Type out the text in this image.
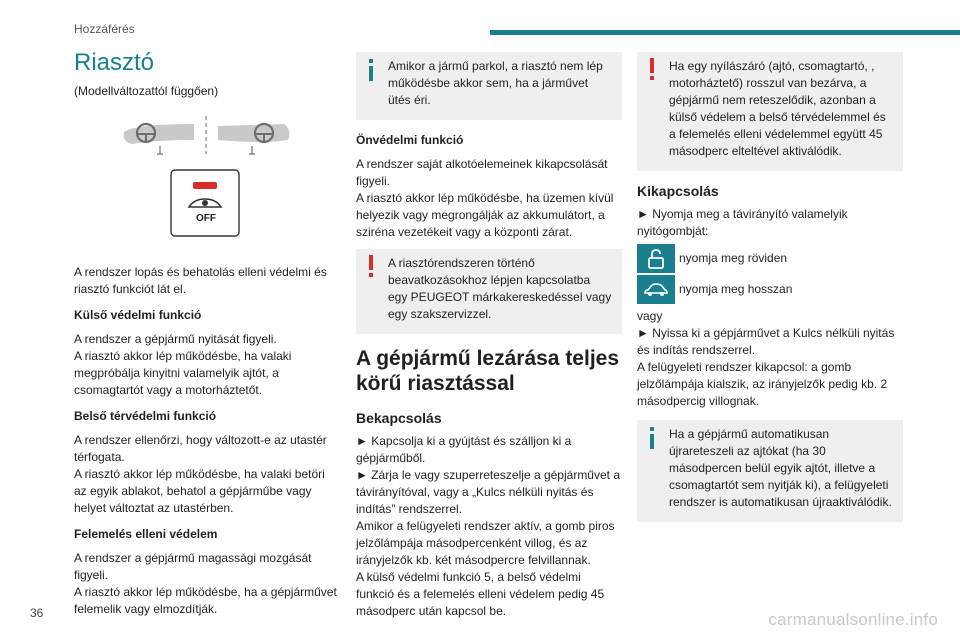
Hozzáférés
Riasztó

(Modellváltozattól függően)

OFF

A rendszer lopás és behatolás elleni védelmi és riasztó funkciót lát el.

Külső védelmi funkció

A rendszer a gépjármű nyitását figyeli.
A riasztó akkor lép működésbe, ha valaki megpróbálja kinyitni valamelyik ajtót, a csomagtartót vagy a motorháztetőt.

Belső térvédelmi funkció

A rendszer ellenőrzi, hogy változott-e az utastér térfogata.
A riasztó akkor lép működésbe, ha valaki betöri az egyik ablakot, behatol a gépjárműbe vagy helyet változtat az utastérben.

Felemelés elleni védelem

A rendszer a gépjármű magassági mozgását figyeli.
A riasztó akkor lép működésbe, ha a gépjárművet felemelik vagy elmozdítják.

Amikor a jármű parkol, a riasztó nem lép működésbe akkor sem, ha a járművet ütés éri.

Önvédelmi funkció

A rendszer saját alkotóelemeinek kikapcsolását figyeli.
A riasztó akkor lép működésbe, ha üzemen kívül helyezik vagy megrongálják az akkumulátort, a sziréna vezetékeit vagy a központi zárat.

A riasztórendszeren történő beavatkozásokhoz lépjen kapcsolatba egy PEUGEOT márkakereskedéssel vagy egy szakszervizzel.

A gépjármű lezárása teljes körű riasztással
Bekapcsolás

► Kapcsolja ki a gyújtást és szálljon ki a gépjárműből.
► Zárja le vagy szuperreteszelje a gépjárművet a távirányítóval, vagy a „Kulcs nélküli nyitás és indítás” rendszerrel.
Amikor a felügyeleti rendszer aktív, a gomb piros jelzőlámpája másodpercenként villog, és az irányjelzők kb. két másodpercre felvillannak.
A külső védelmi funkció 5, a belső védelmi funkció és a felemelés elleni védelem pedig 45 másodperc után kapcsol be.

Ha egy nyílászáró (ajtó, csomagtartó, , motorháztető) rosszul van bezárva, a gépjármű nem reteszelődik, azonban a külső védelem a belső térvédelemmel és a felemelés elleni védelemmel együtt 45 másodperc elteltével aktiválódik.

Kikapcsolás

► Nyomja meg a távirányító valamelyik nyitógombját:

nyomja meg röviden
nyomja meg hosszan

vagy
► Nyissa ki a gépjárművet a Kulcs nélküli nyitás és indítás rendszerrel.
A felügyeleti rendszer kikapcsol: a gomb jelzőlámpája kialszik, az irányjelzők pedig kb. 2 másodpercig villognak.

Ha a gépjármű automatikusan újrareteszeli az ajtókat (ha 30 másodpercen belül egyik ajtót, illetve a csomagtartót sem nyitják ki), a felügyeleti rendszer is automatikusan újraaktiválódik.

36	carmanualsonline.info
